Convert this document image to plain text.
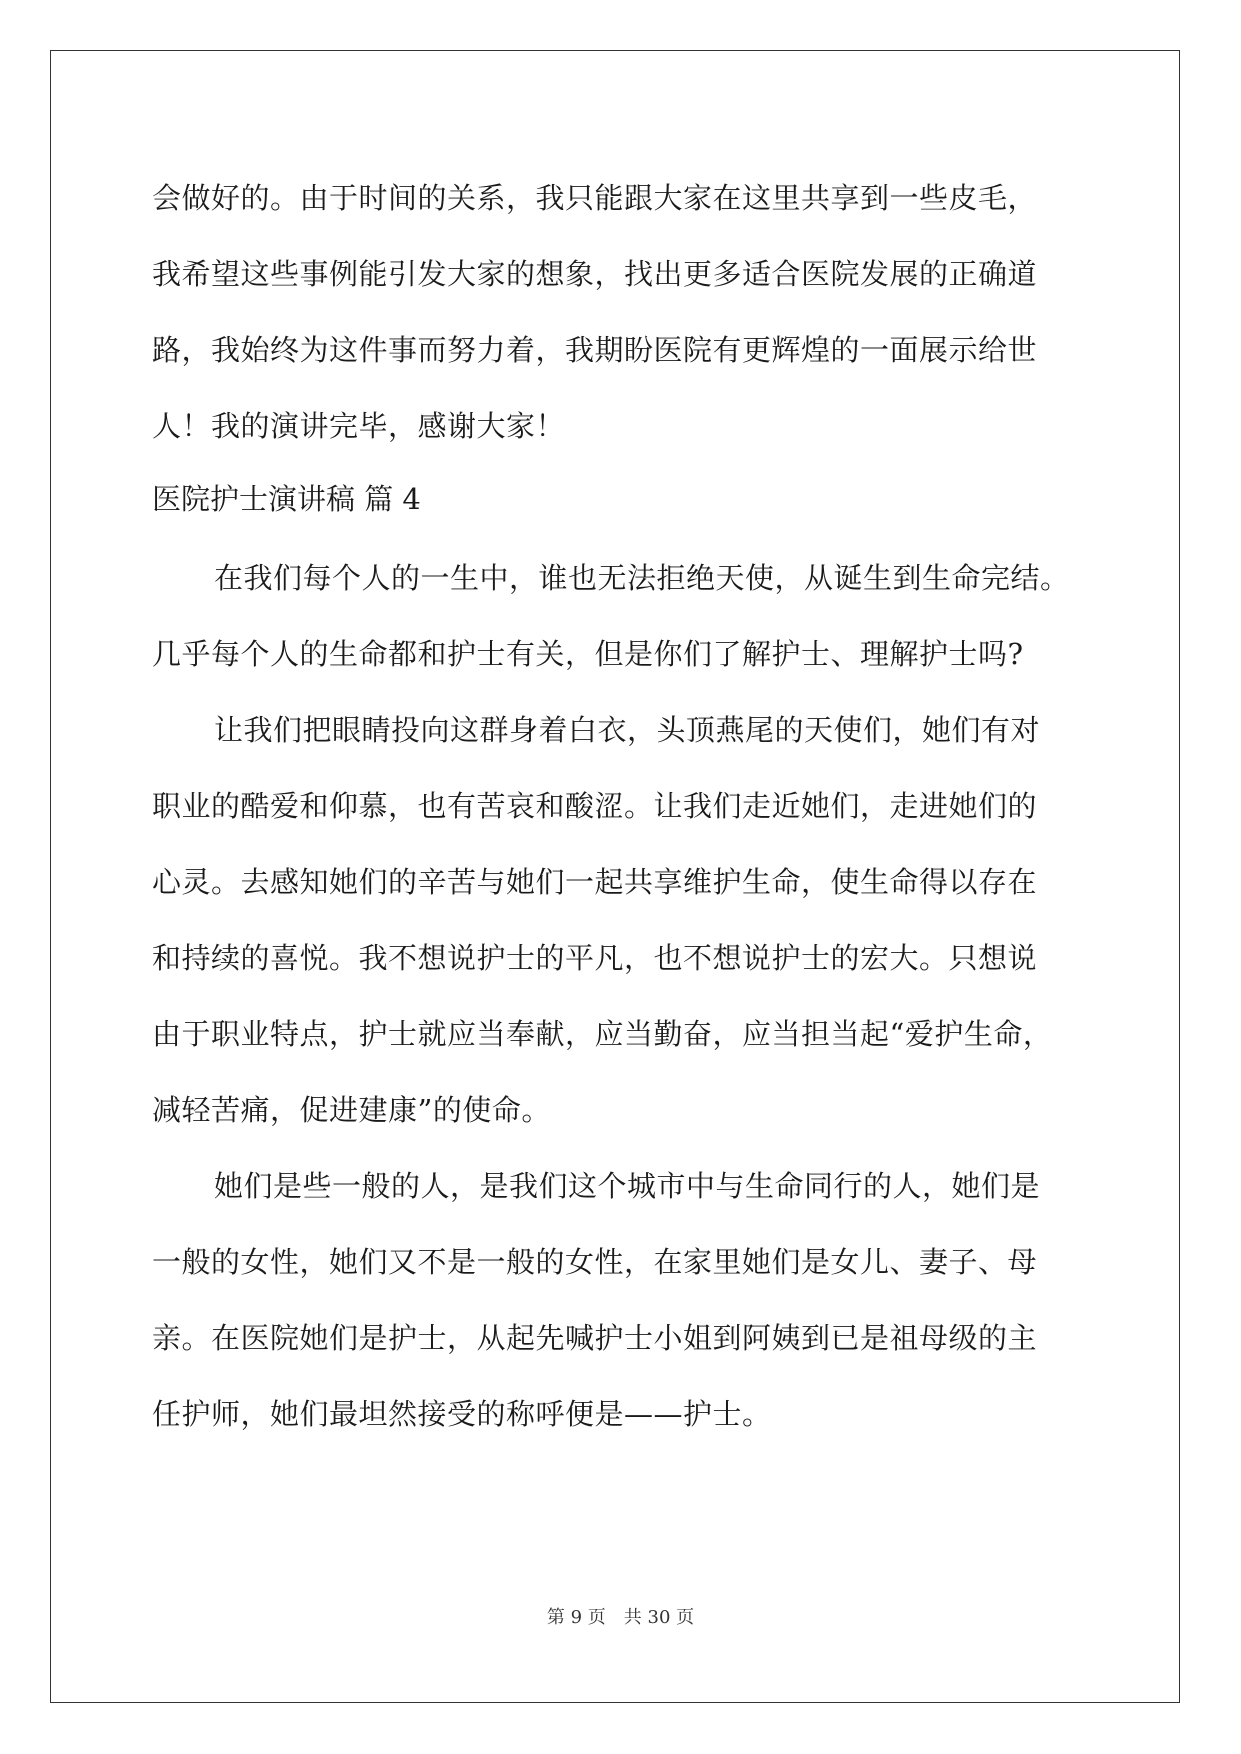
会做好的。由于时间的关系，我只能跟大家在这里共享到一些皮毛，
我希望这些事例能引发大家的想象，找出更多适合医院发展的正确道
路，我始终为这件事而努力着，我期盼医院有更辉煌的一面展示给世
人！我的演讲完毕，感谢大家！
医院护士演讲稿 篇 4
在我们每个人的一生中，谁也无法拒绝天使，从诞生到生命完结。
几乎每个人的生命都和护士有关，但是你们了解护士、理解护士吗?
让我们把眼睛投向这群身着白衣，头顶燕尾的天使们，她们有对
职业的酷爱和仰慕，也有苦哀和酸涩。让我们走近她们，走进她们的
心灵。去感知她们的辛苦与她们一起共享维护生命，使生命得以存在
和持续的喜悦。我不想说护士的平凡，也不想说护士的宏大。只想说
由于职业特点，护士就应当奉献，应当勤奋，应当担当起“爱护生命，
减轻苦痛，促进建康”的使命。
她们是些一般的人，是我们这个城市中与生命同行的人，她们是
一般的女性，她们又不是一般的女性，在家里她们是女儿、妻子、母
亲。在医院她们是护士，从起先喊护士小姐到阿姨到已是祖母级的主
任护师，她们最坦然接受的称呼便是——护士。
第 9 页　共 30 页
